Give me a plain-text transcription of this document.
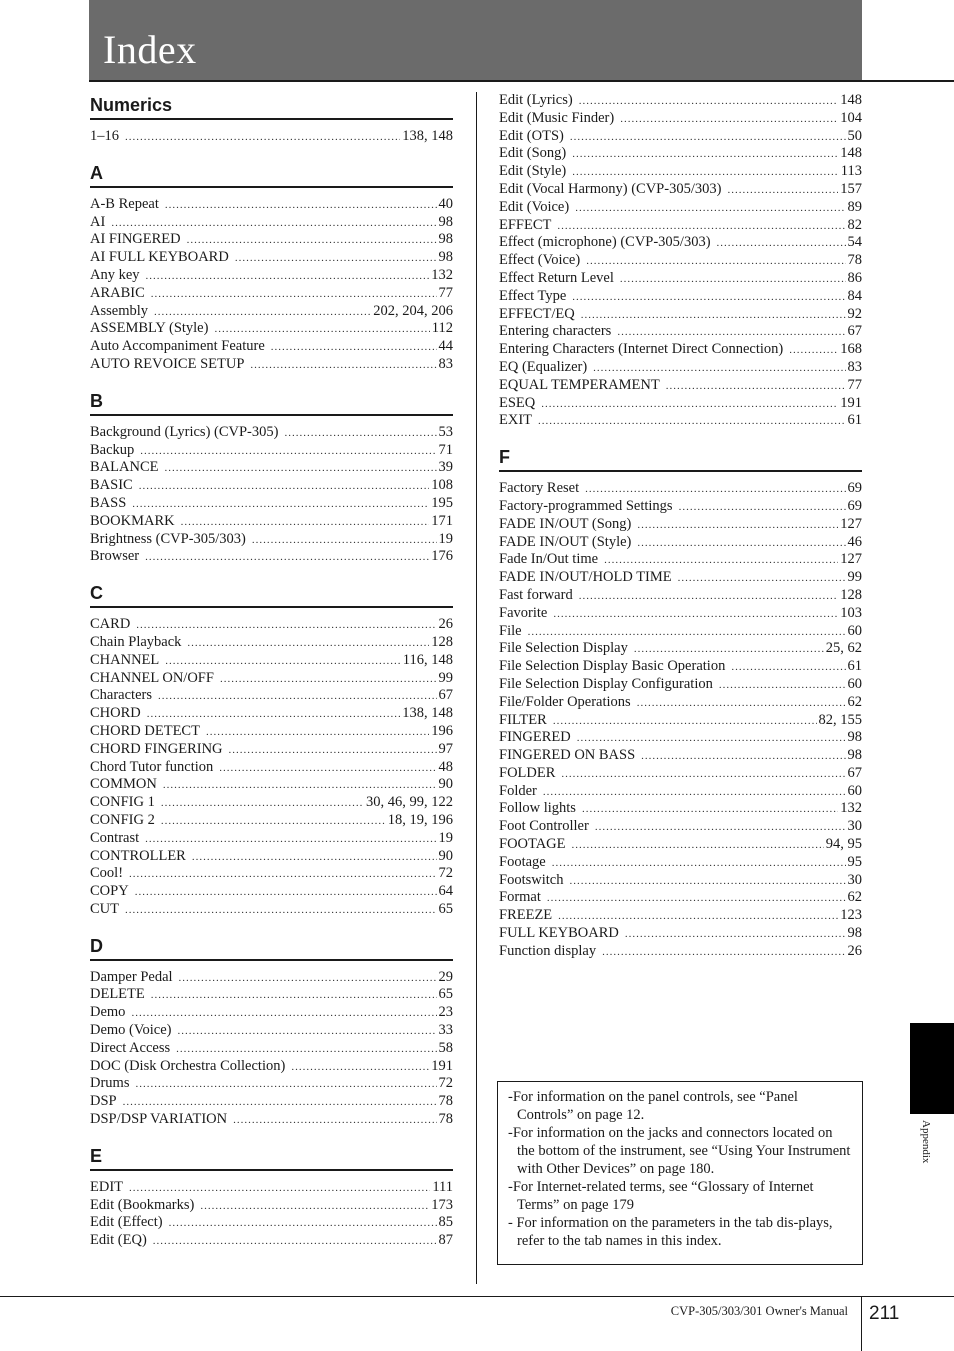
Index
Numerics
1–16 .....	138, 148
A
A-B Repeat .....	40
AI .....	98
AI FINGERED .....	98
AI FULL KEYBOARD .....	98
Any key .....	132
ARABIC .....	77
Assembly .....	202, 204, 206
ASSEMBLY (Style) .....	112
Auto Accompaniment Feature .....	44
AUTO REVOICE SETUP .....	83
B
Background (Lyrics) (CVP-305) .....	53
Backup .....	71
BALANCE .....	39
BASIC .....	108
BASS .....	195
BOOKMARK .....	171
Brightness (CVP-305/303) .....	19
Browser .....	176
C
CARD .....	26
Chain Playback .....	128
CHANNEL .....	116, 148
CHANNEL ON/OFF .....	99
Characters .....	67
CHORD .....	138, 148
CHORD DETECT .....	196
CHORD FINGERING .....	97
Chord Tutor function .....	48
COMMON .....	90
CONFIG 1 .....	30, 46, 99, 122
CONFIG 2 .....	18, 19, 196
Contrast .....	19
CONTROLLER .....	90
Cool! .....	72
COPY .....	64
CUT .....	65
D
Damper Pedal .....	29
DELETE .....	65
Demo .....	23
Demo (Voice) .....	33
Direct Access .....	58
DOC (Disk Orchestra Collection) .....	191
Drums .....	72
DSP .....	78
DSP/DSP VARIATION .....	78
E
EDIT .....	111
Edit (Bookmarks) .....	173
Edit (Effect) .....	85
Edit (EQ) .....	87
Edit (Lyrics) .....	148
Edit (Music Finder) .....	104
Edit (OTS) .....	50
Edit (Song) .....	148
Edit (Style) .....	113
Edit (Vocal Harmony) (CVP-305/303) .....	157
Edit (Voice) .....	89
EFFECT .....	82
Effect (microphone) (CVP-305/303) .....	54
Effect (Voice) .....	78
Effect Return Level .....	86
Effect Type .....	84
EFFECT/EQ .....	92
Entering characters .....	67
Entering Characters (Internet Direct Connection) .....	168
EQ (Equalizer) .....	83
EQUAL TEMPERAMENT .....	77
ESEQ .....	191
EXIT .....	61
F
Factory Reset .....	69
Factory-programmed Settings .....	69
FADE IN/OUT (Song) .....	127
FADE IN/OUT (Style) .....	46
Fade In/Out time .....	127
FADE IN/OUT/HOLD TIME .....	99
Fast forward .....	128
Favorite .....	103
File .....	60
File Selection Display .....	25, 62
File Selection Display Basic Operation .....	61
File Selection Display Configuration .....	60
File/Folder Operations .....	62
FILTER .....	82, 155
FINGERED .....	98
FINGERED ON BASS .....	98
FOLDER .....	67
Folder .....	60
Follow lights .....	132
Foot Controller .....	30
FOOTAGE .....	94, 95
Footage .....	95
Footswitch .....	30
Format .....	62
FREEZE .....	123
FULL KEYBOARD .....	98
Function display .....	26
-For information on the panel controls, see “Panel Controls” on page 12.
-For information on the jacks and connectors located on the bottom of the instrument, see “Using Your Instrument with Other Devices” on page 180.
-For Internet-related terms, see “Glossary of Internet Terms” on page 179
- For information on the parameters in the tab dis-plays, refer to the tab names in this index.
Appendix
CVP-305/303/301 Owner's Manual 211
